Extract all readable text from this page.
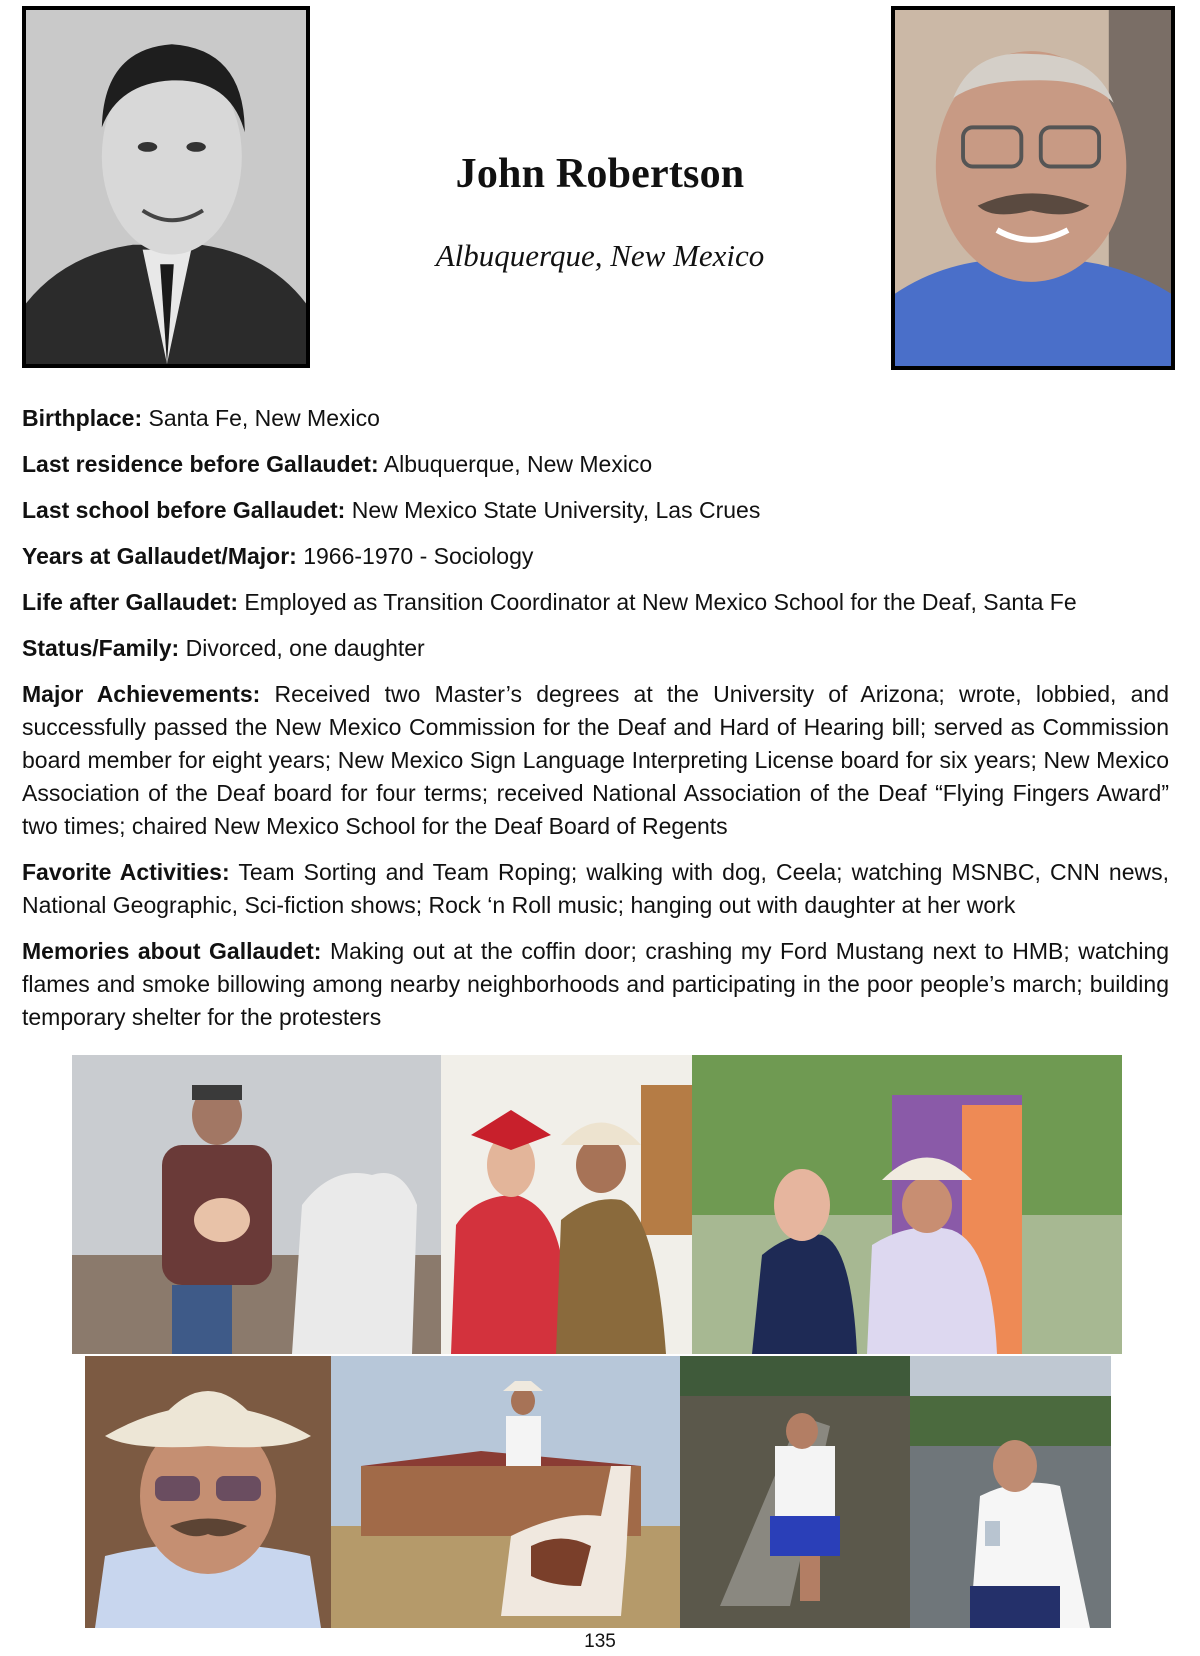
John Robertson
Albuquerque, New Mexico

Birthplace: Santa Fe, New Mexico

Last residence before Gallaudet: Albuquerque, New Mexico

Last school before Gallaudet: New Mexico State University, Las Crues

Years at Gallaudet/Major: 1966-1970 - Sociology

Life after Gallaudet: Employed as Transition Coordinator at New Mexico School for the Deaf, Santa Fe

Status/Family: Divorced, one daughter

Major Achievements: Received two Master’s degrees at the University of Arizona; wrote, lobbied, and successfully passed the New Mexico Commission for the Deaf and Hard of Hearing bill; served as Commission board member for eight years; New Mexico Sign Language Interpreting License board for six years; New Mexico Association of the Deaf board for four terms; received National Association of the Deaf “Flying Fingers Award” two times; chaired New Mexico School for the Deaf Board of Regents

Favorite Activities: Team Sorting and Team Roping; walking with dog, Ceela; watching MSNBC, CNN news, National Geographic, Sci-fiction shows; Rock ‘n Roll music; hanging out with daughter at her work

Memories about Gallaudet: Making out at the coffin door; crashing my Ford Mustang next to HMB; watching flames and smoke billowing among nearby neighborhoods and participating in the poor people’s march; building temporary shelter for the protesters

135
